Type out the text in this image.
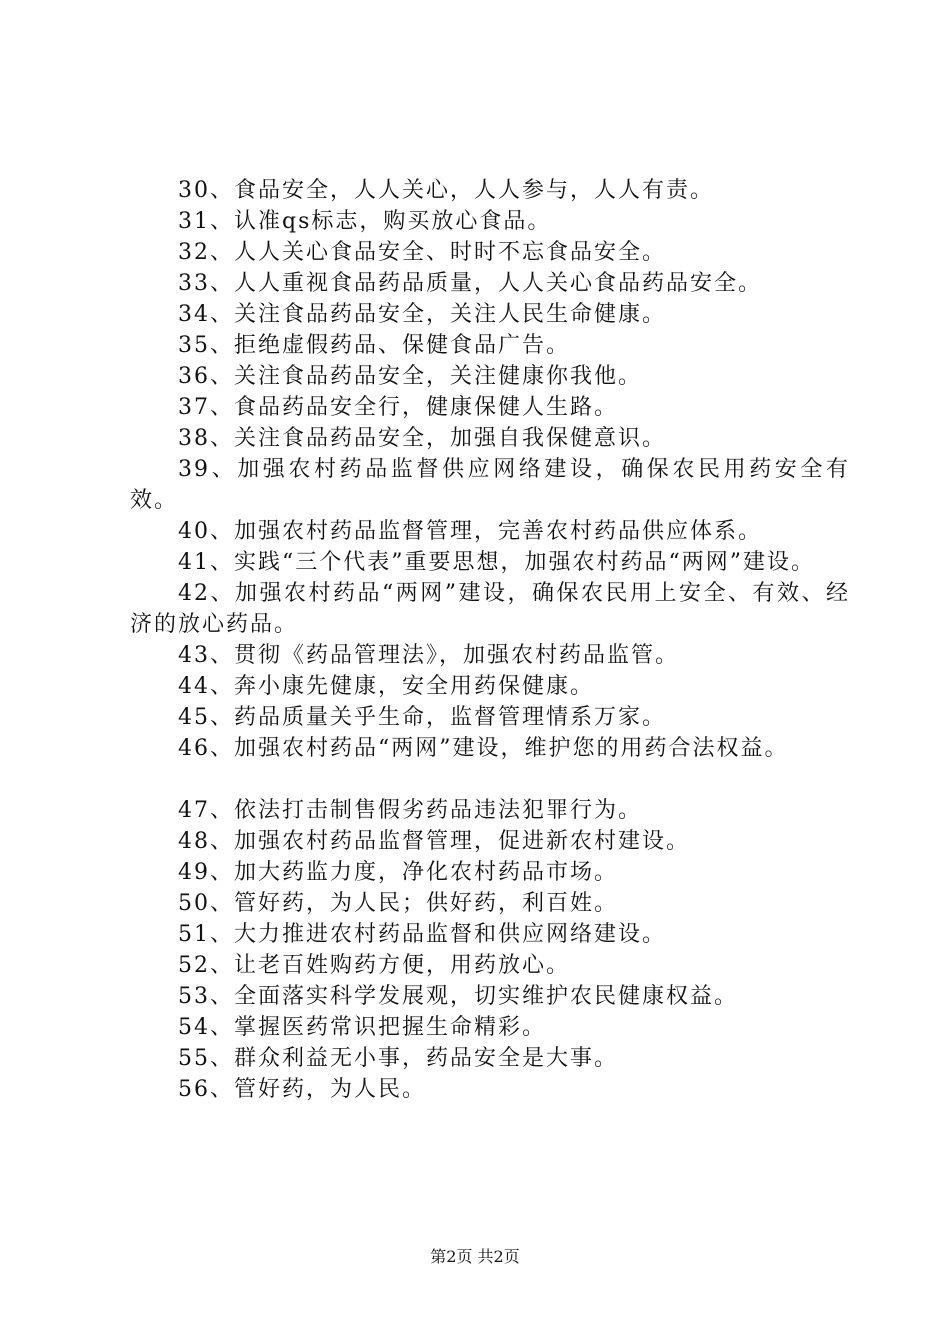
30、食品安全，人人关心，人人参与，人人有责。

31、认准qs标志，购买放心食品。

32、人人关心食品安全、时时不忘食品安全。

33、人人重视食品药品质量，人人关心食品药品安全。

34、关注食品药品安全，关注人民生命健康。

35、拒绝虚假药品、保健食品广告。

36、关注食品药品安全，关注健康你我他。

37、食品药品安全行，健康保健人生路。

38、关注食品药品安全，加强自我保健意识。

39、加强农村药品监督供应网络建设，确保农民用药安全有效。

40、加强农村药品监督管理，完善农村药品供应体系。

41、实践“三个代表”重要思想，加强农村药品“两网”建设。

42、加强农村药品“两网”建设，确保农民用上安全、有效、经济的放心药品。

43、贯彻《药品管理法》，加强农村药品监管。

44、奔小康先健康，安全用药保健康。

45、药品质量关乎生命，监督管理情系万家。

46、加强农村药品“两网”建设，维护您的用药合法权益。

47、依法打击制售假劣药品违法犯罪行为。

48、加强农村药品监督管理，促进新农村建设。

49、加大药监力度，净化农村药品市场。

50、管好药，为人民；供好药，利百姓。

51、大力推进农村药品监督和供应网络建设。

52、让老百姓购药方便，用药放心。

53、全面落实科学发展观，切实维护农民健康权益。

54、掌握医药常识把握生命精彩。

55、群众利益无小事，药品安全是大事。

56、管好药，为人民。

第2页 共2页
